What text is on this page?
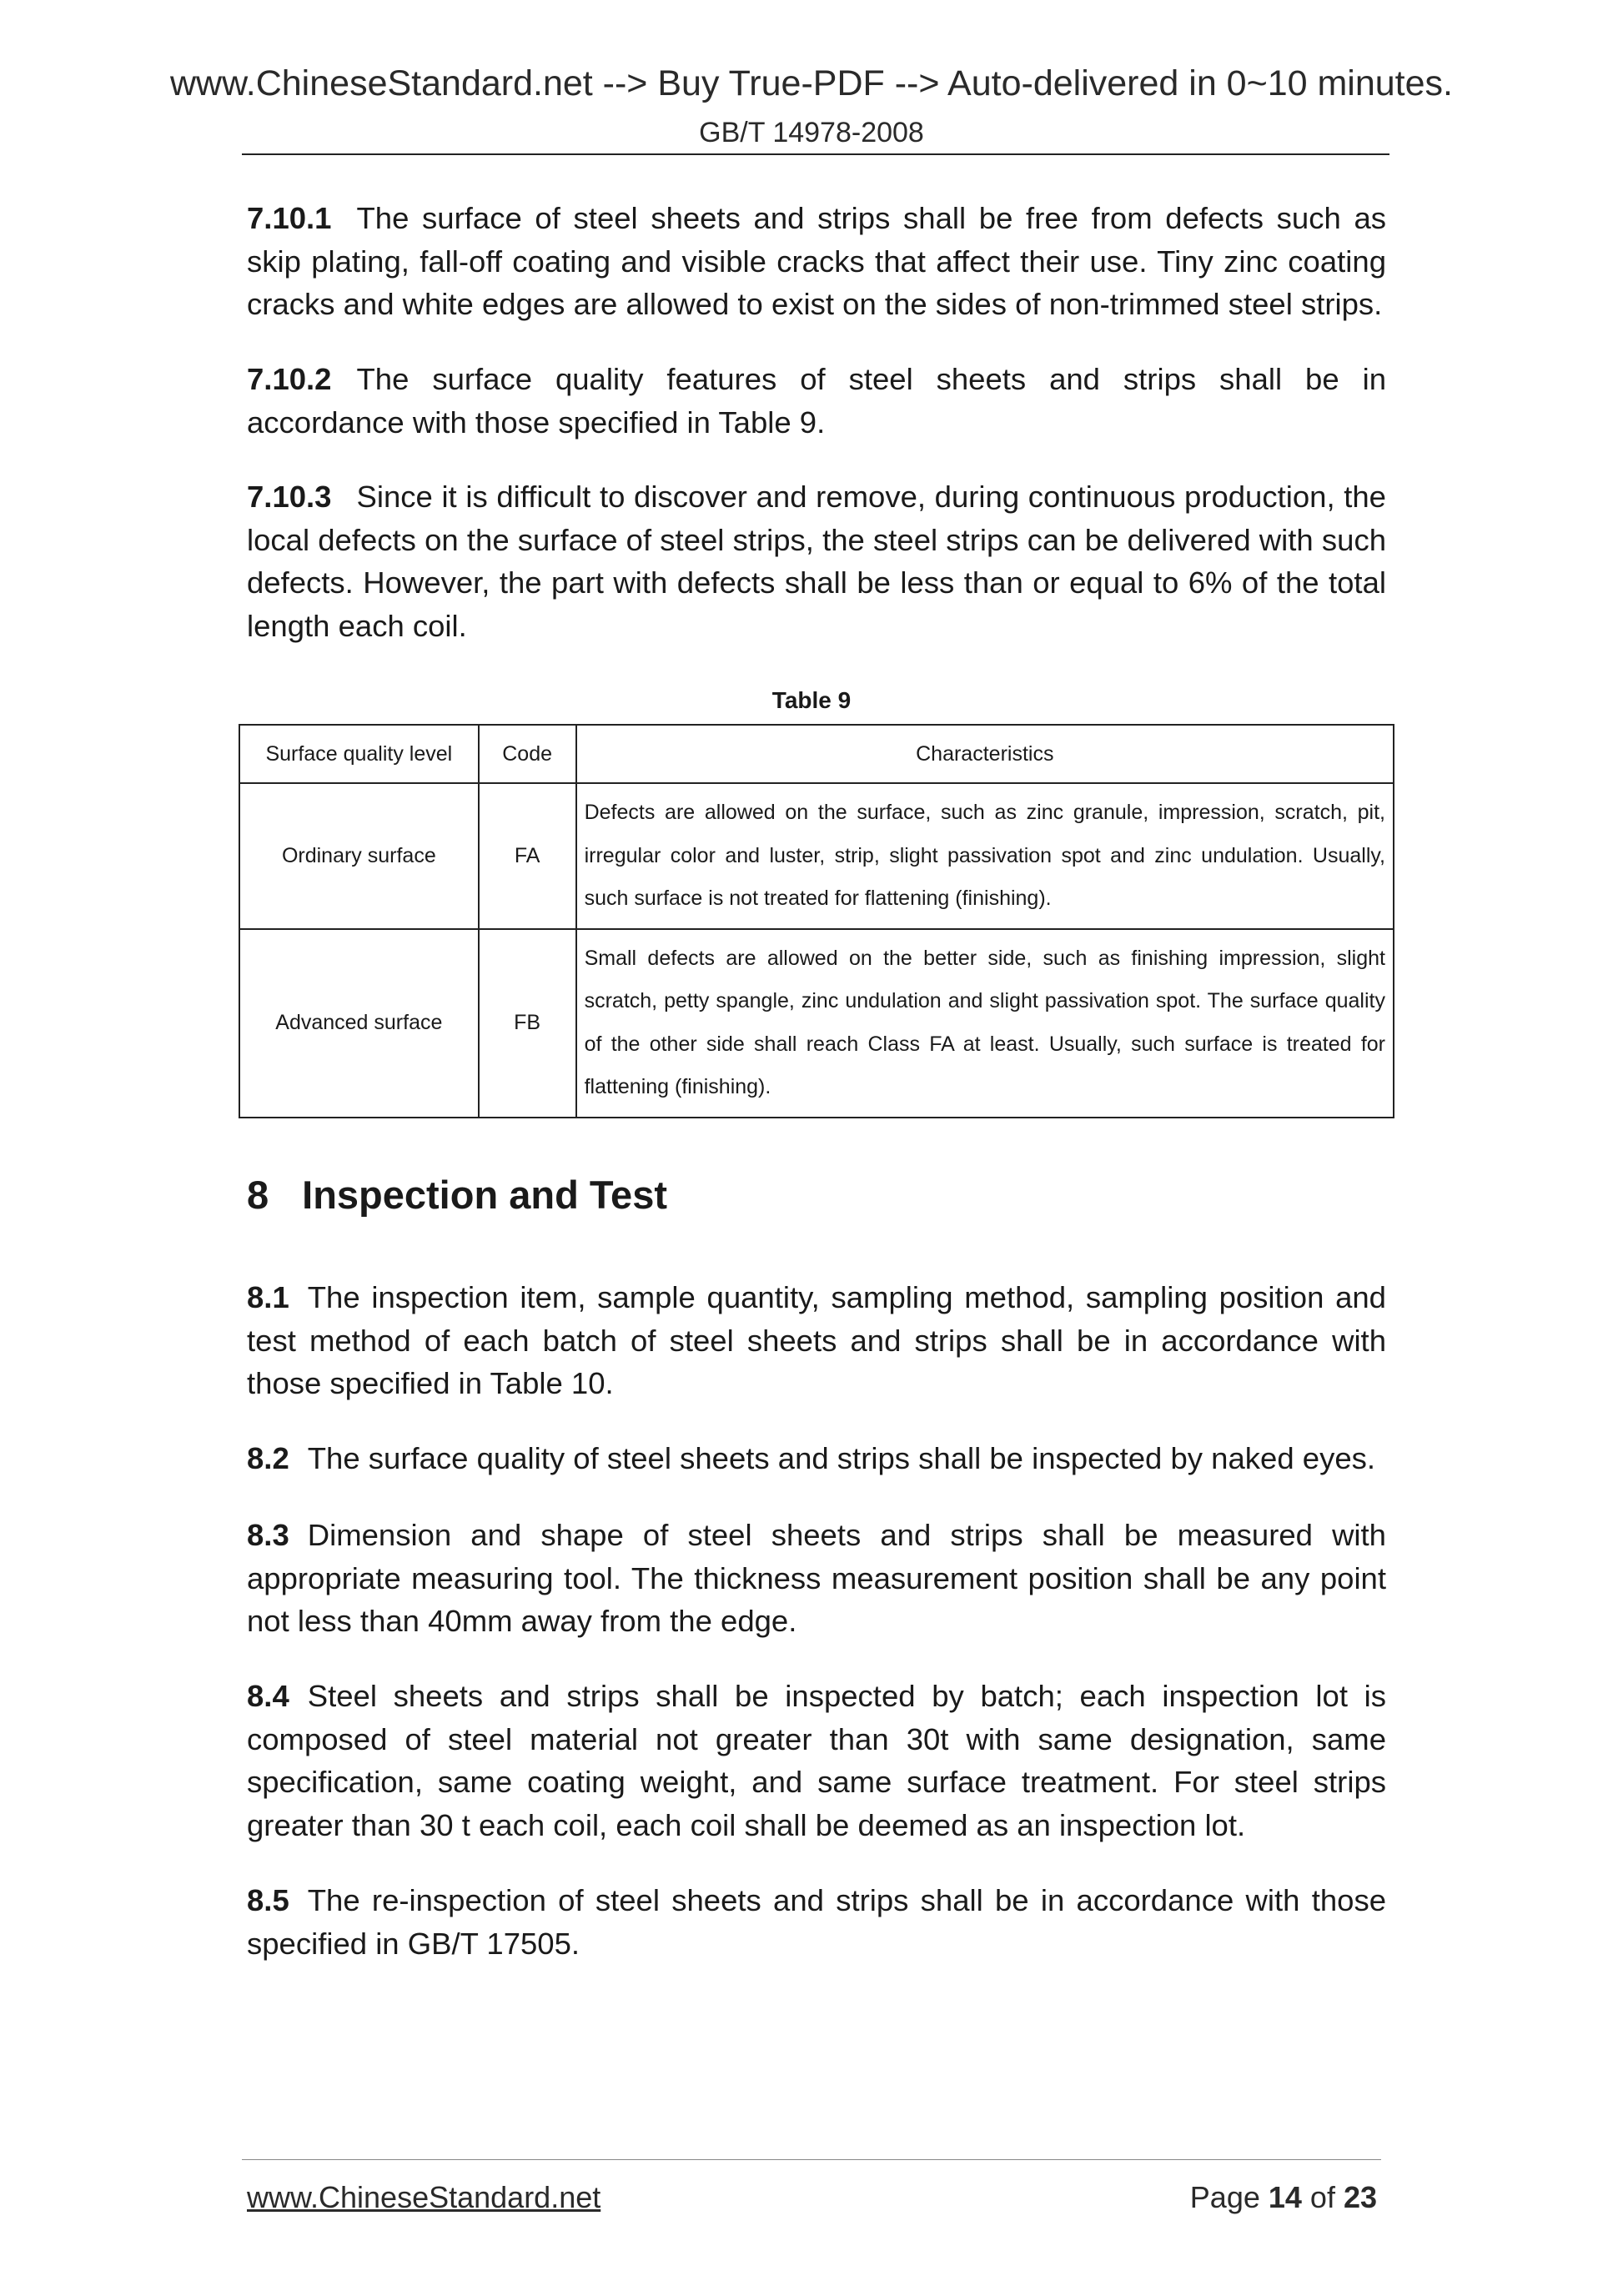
www.ChineseStandard.net --> Buy True-PDF --> Auto-delivered in 0~10 minutes.
GB/T 14978-2008
7.10.1 The surface of steel sheets and strips shall be free from defects such as skip plating, fall-off coating and visible cracks that affect their use. Tiny zinc coating cracks and white edges are allowed to exist on the sides of non-trimmed steel strips.
7.10.2 The surface quality features of steel sheets and strips shall be in accordance with those specified in Table 9.
7.10.3 Since it is difficult to discover and remove, during continuous production, the local defects on the surface of steel strips, the steel strips can be delivered with such defects. However, the part with defects shall be less than or equal to 6% of the total length each coil.
Table 9
Surface quality level	Code	Characteristics
Ordinary surface	FA	Defects are allowed on the surface, such as zinc granule, impression, scratch, pit, irregular color and luster, strip, slight passivation spot and zinc undulation. Usually, such surface is not treated for flattening (finishing).
Advanced surface	FB	Small defects are allowed on the better side, such as finishing impression, slight scratch, petty spangle, zinc undulation and slight passivation spot. The surface quality of the other side shall reach Class FA at least. Usually, such surface is treated for flattening (finishing).
8 Inspection and Test
8.1 The inspection item, sample quantity, sampling method, sampling position and test method of each batch of steel sheets and strips shall be in accordance with those specified in Table 10.
8.2 The surface quality of steel sheets and strips shall be inspected by naked eyes.
8.3 Dimension and shape of steel sheets and strips shall be measured with appropriate measuring tool. The thickness measurement position shall be any point not less than 40mm away from the edge.
8.4 Steel sheets and strips shall be inspected by batch; each inspection lot is composed of steel material not greater than 30t with same designation, same specification, same coating weight, and same surface treatment. For steel strips greater than 30 t each coil, each coil shall be deemed as an inspection lot.
8.5 The re-inspection of steel sheets and strips shall be in accordance with those specified in GB/T 17505.
www.ChineseStandard.net	Page 14 of 23
